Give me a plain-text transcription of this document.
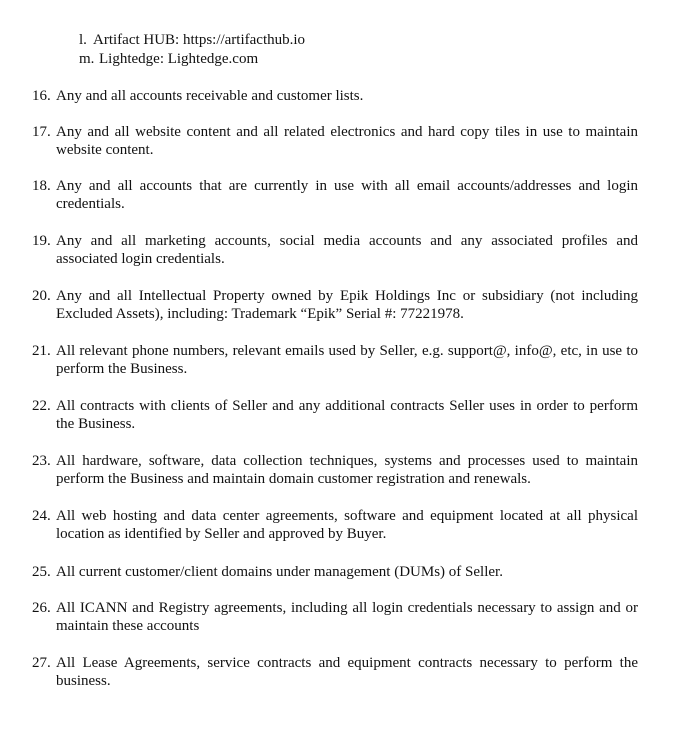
l. Artifact HUB: https://artifacthub.io
m. Lightedge: Lightedge.com
16. Any and all accounts receivable and customer lists.
17. Any and all website content and all related electronics and hard copy tiles in use to maintain website content.
18. Any and all accounts that are currently in use with all email accounts/addresses and login credentials.
19. Any and all marketing accounts, social media accounts and any associated profiles and associated login credentials.
20. Any and all Intellectual Property owned by Epik Holdings Inc or subsidiary (not including Excluded Assets), including: Trademark “Epik” Serial #: 77221978.
21. All relevant phone numbers, relevant emails used by Seller, e.g. support@, info@, etc, in use to perform the Business.
22. All contracts with clients of Seller and any additional contracts Seller uses in order to perform the Business.
23. All hardware, software, data collection techniques, systems and processes used to maintain perform the Business and maintain domain customer registration and renewals.
24. All web hosting and data center agreements, software and equipment located at all physical location as identified by Seller and approved by Buyer.
25. All current customer/client domains under management (DUMs) of Seller.
26. All ICANN and Registry agreements, including all login credentials necessary to assign and or maintain these accounts
27. All Lease Agreements, service contracts and equipment contracts necessary to perform the business.
